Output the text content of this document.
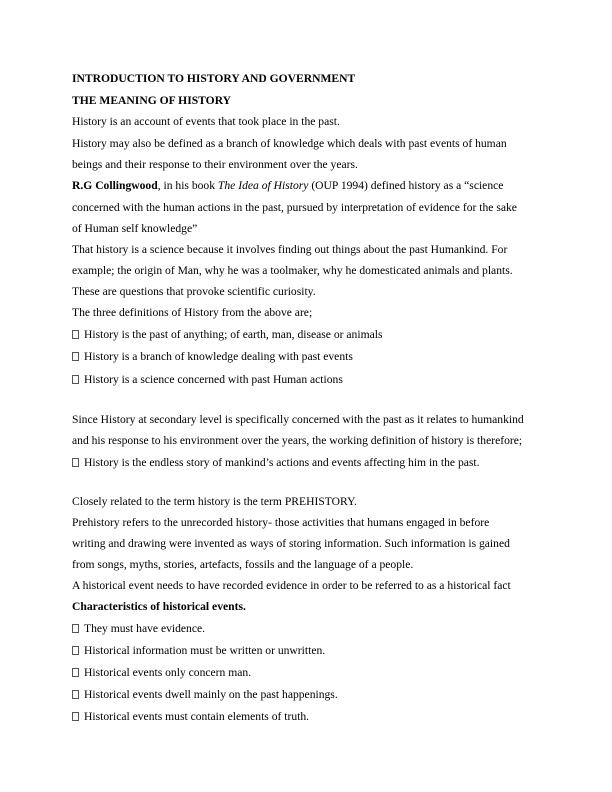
INTRODUCTION TO HISTORY AND GOVERNMENT
THE MEANING OF HISTORY
History is an account of events that took place in the past.
History may also be defined as a branch of knowledge which deals with past events of human
beings and their response to their environment over the years.
R.G Collingwood, in his book The Idea of History (OUP 1994) defined history as a “science
concerned with the human actions in the past, pursued by interpretation of evidence for the sake
of Human self knowledge”
That history is a science because it involves finding out things about the past Humankind. For
example; the origin of Man, why he was a toolmaker, why he domesticated animals and plants.
These are questions that provoke scientific curiosity.
The three definitions of History from the above are;
History is the past of anything; of earth, man, disease or animals
History is a branch of knowledge dealing with past events
History is a science concerned with past Human actions
Since History at secondary level is specifically concerned with the past as it relates to humankind
and his response to his environment over the years, the working definition of history is therefore;
History is the endless story of mankind’s actions and events affecting him in the past.
Closely related to the term history is the term PREHISTORY.
Prehistory refers to the unrecorded history- those activities that humans engaged in before
writing and drawing were invented as ways of storing information. Such information is gained
from songs, myths, stories, artefacts, fossils and the language of a people.
A historical event needs to have recorded evidence in order to be referred to as a historical fact
Characteristics of historical events.
They must have evidence.
Historical information must be written or unwritten.
Historical events only concern man.
Historical events dwell mainly on the past happenings.
Historical events must contain elements of truth.
